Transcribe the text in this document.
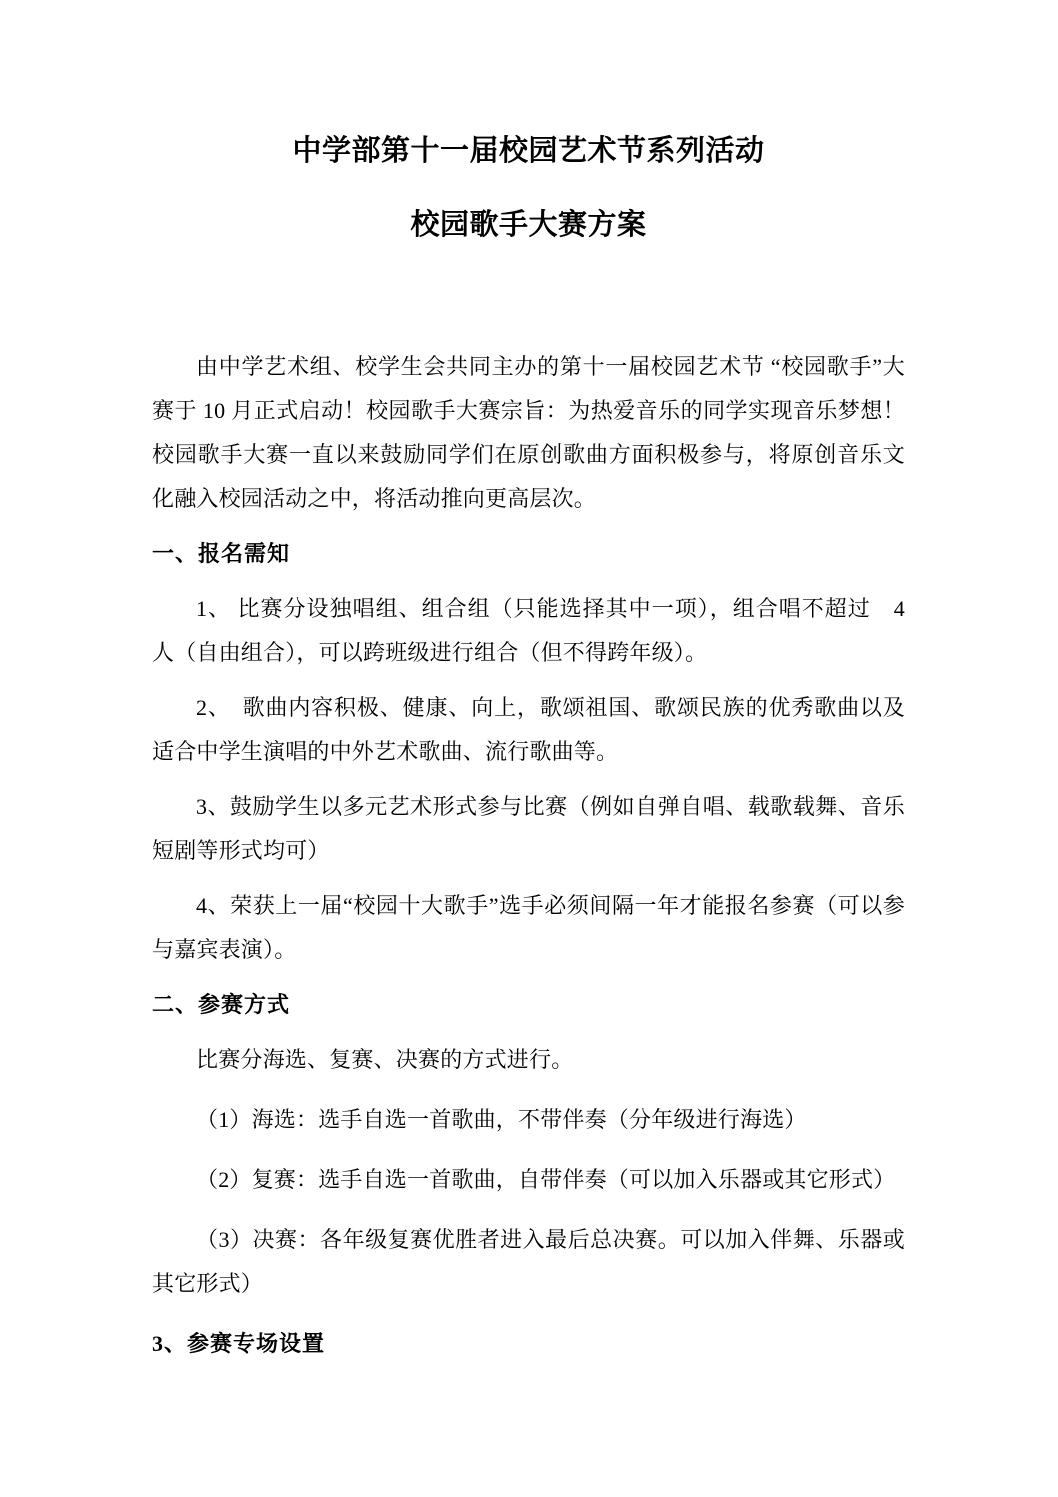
中学部第十一届校园艺术节系列活动
校园歌手大赛方案

由中学艺术组、校学生会共同主办的第十一届校园艺术节 “校园歌手”大赛于 10 月正式启动！校园歌手大赛宗旨：为热爱音乐的同学实现音乐梦想！校园歌手大赛一直以来鼓励同学们在原创歌曲方面积极参与，将原创音乐文化融入校园活动之中，将活动推向更高层次。

一、报名需知

1、 比赛分设独唱组、组合组（只能选择其中一项），组合唱不超过　4 人（自由组合），可以跨班级进行组合（但不得跨年级）。

2、　歌曲内容积极、健康、向上，歌颂祖国、歌颂民族的优秀歌曲以及适合中学生演唱的中外艺术歌曲、流行歌曲等。

3、鼓励学生以多元艺术形式参与比赛（例如自弹自唱、载歌载舞、音乐短剧等形式均可）

4、荣获上一届“校园十大歌手”选手必须间隔一年才能报名参赛（可以参与嘉宾表演）。

二、参赛方式

比赛分海选、复赛、决赛的方式进行。

（1）海选：选手自选一首歌曲，不带伴奏（分年级进行海选）

（2）复赛：选手自选一首歌曲，自带伴奏（可以加入乐器或其它形式）

（3）决赛：各年级复赛优胜者进入最后总决赛。可以加入伴舞、乐器或其它形式）

3、参赛专场设置
